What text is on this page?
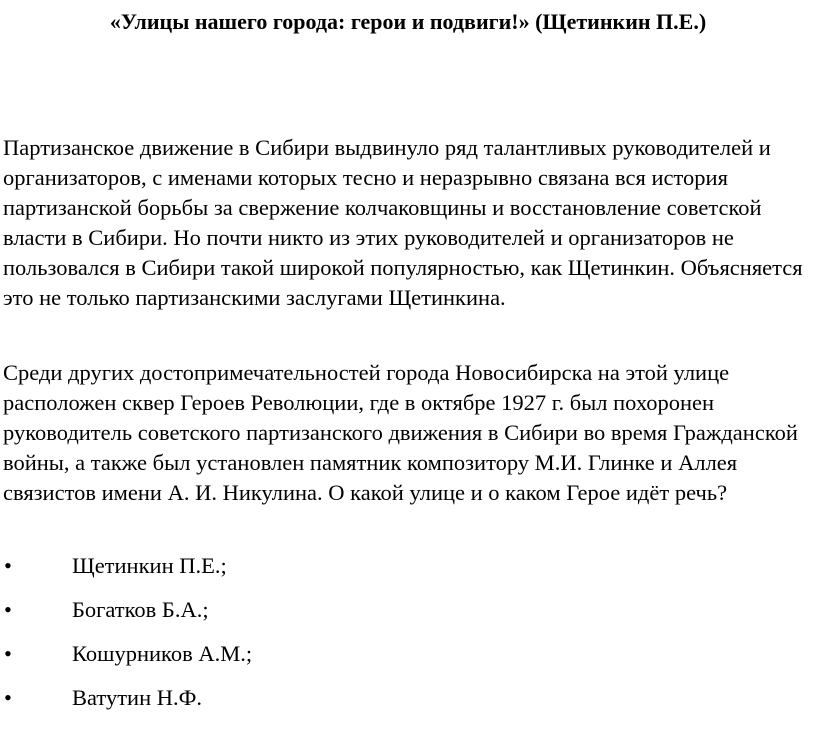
«Улицы нашего города: герои и подвиги!» (Щетинкин П.Е.)

Партизанское движение в Сибири выдвинуло ряд талантливых руководителей и организаторов, с именами которых тесно и неразрывно связана вся история партизанской борьбы за свержение колчаковщины и восстановление советской власти в Сибири. Но почти никто из этих руководителей и организаторов не пользовался в Сибири такой широкой популярностью, как Щетинкин. Объясняется это не только партизанскими заслугами Щетинкина.

Среди других достопримечательностей города Новосибирска на этой улице расположен сквер Героев Революции, где в октябре 1927 г. был похоронен руководитель советского партизанского движения в Сибири во время Гражданской войны, а также был установлен памятник композитору М.И. Глинке и Аллея связистов имени А. И. Никулина. О какой улице и о каком Герое идёт речь?

•	Щетинкин П.Е.;
•	Богатков Б.А.;
•	Кошурников А.М.;
•	Ватутин Н.Ф.
